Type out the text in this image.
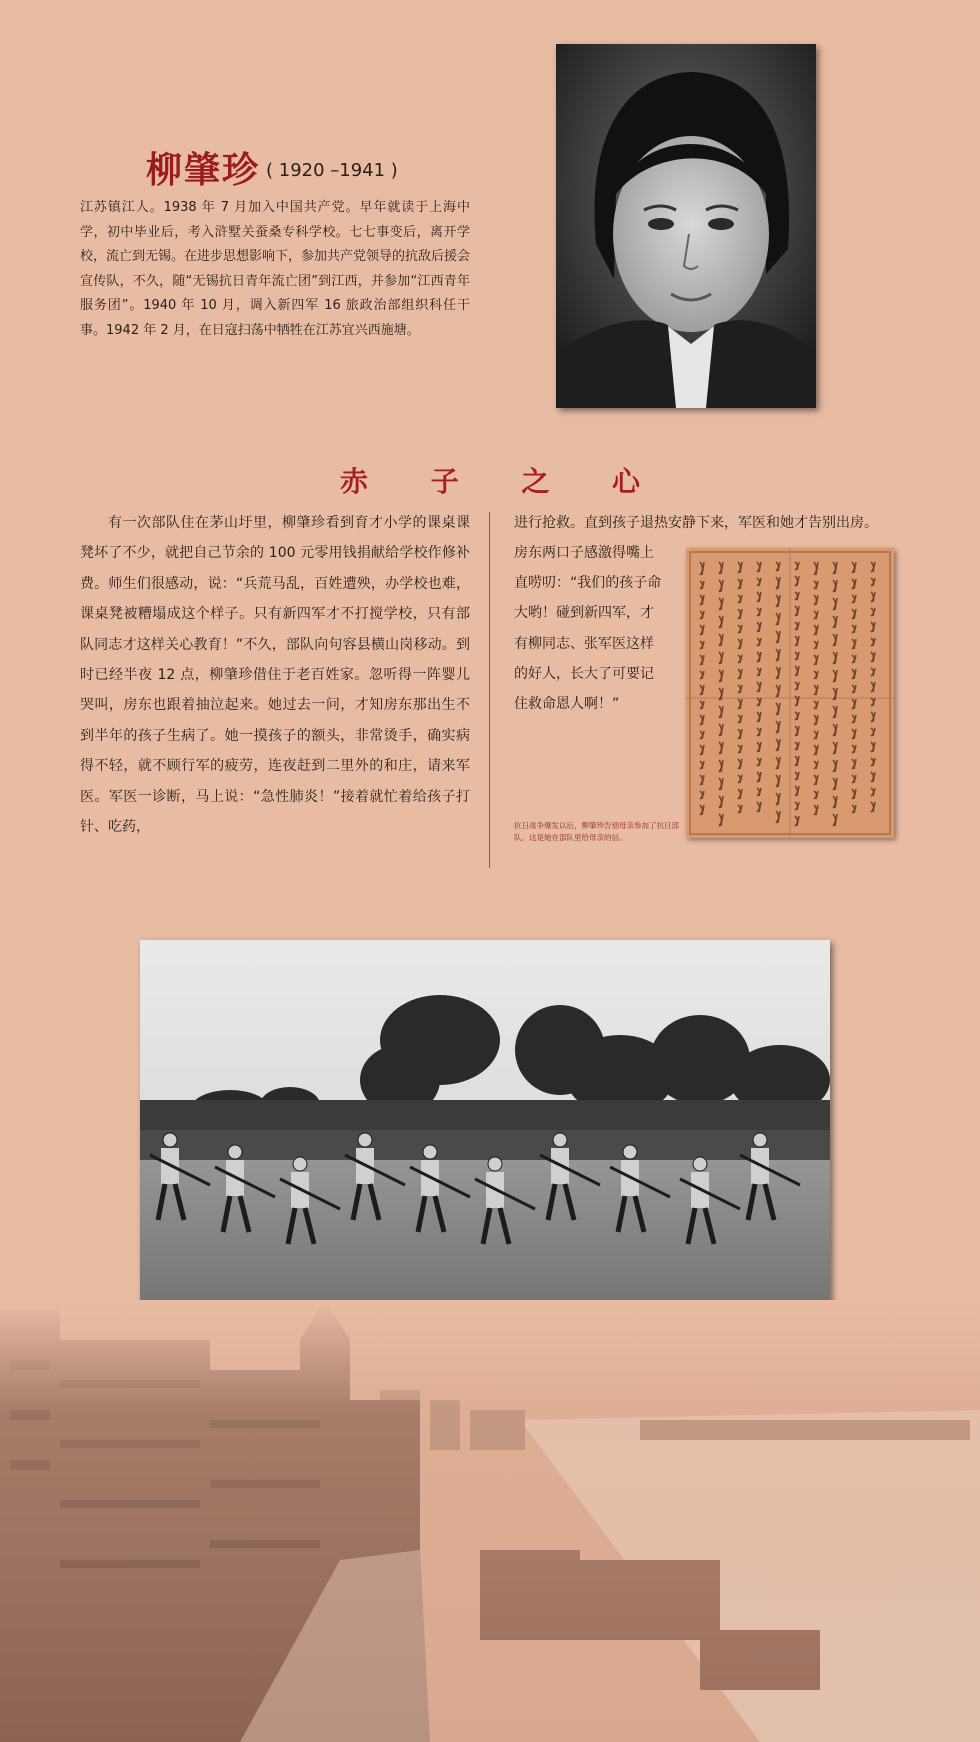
柳肇珍 ( 1920 –1941 )
江苏镇江人。1938 年 7 月加入中国共产党。早年就读于上海中学，初中毕业后，考入浒墅关蚕桑专科学校。七七事变后，离开学校，流亡到无锡。在进步思想影响下，参加共产党领导的抗敌后援会宣传队，不久，随“无锡抗日青年流亡团”到江西，并参加“江西青年服务团”。1940 年 10 月，调入新四军 16 旅政治部组织科任干事。1942 年 2 月，在日寇扫荡中牺牲在江苏宜兴西施塘。
赤 子 之 心
有一次部队住在茅山圩里，柳肇珍看到育才小学的课桌课凳坏了不少，就把自己节余的 100 元零用钱捐献给学校作修补费。师生们很感动，说：“兵荒马乱，百姓遭殃，办学校也难，课桌凳被糟塌成这个样子。只有新四军才不打搅学校，只有部队同志才这样关心教育！”不久，部队向句容县横山岗移动。到时已经半夜 12 点，柳肇珍借住于老百姓家。忽听得一阵婴儿哭叫，房东也跟着抽泣起来。她过去一问，才知房东那出生不到半年的孩子生病了。她一摸孩子的额头，非常烫手，确实病得不轻，就不顾行军的疲劳，连夜赶到二里外的和庄，请来军医。军医一诊断，马上说：“急性肺炎！”接着就忙着给孩子打针、吃药，
进行抢救。直到孩子退热安静下来，军医和她才告别出房。
房东两口子感激得嘴上直唠叨：“我们的孩子命大哟！碰到新四军，才有柳同志、张军医这样的好人，长大了可要记住救命恩人啊！”
抗日战争爆发以后，柳肇珍告别母亲参加了抗日部队。这是她在部队里给母亲的信。
